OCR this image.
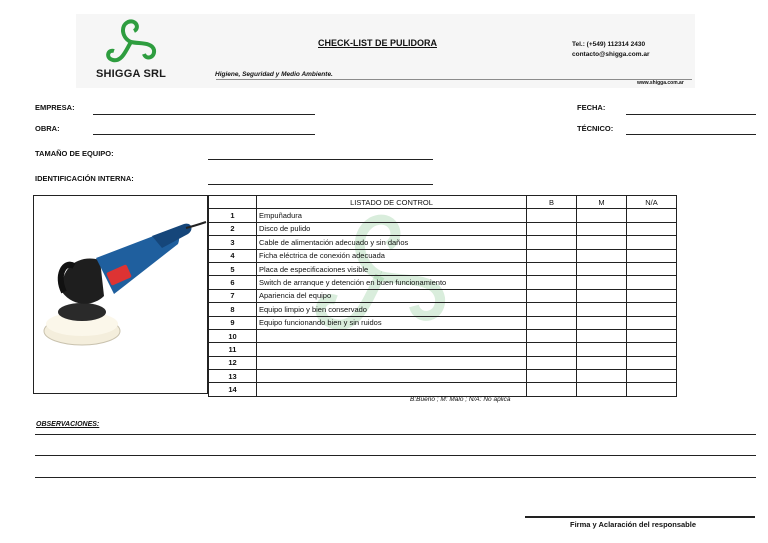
SHIGGA SRL
CHECK-LIST DE PULIDORA
Higiene, Seguridad y Medio Ambiente.
Tel.: (+549) 112314 2430
contacto@shigga.com.ar
www.shigga.com.ar
EMPRESA:
OBRA:
FECHA:
TÉCNICO:
TAMAÑO DE EQUIPO:
IDENTIFICACIÓN INTERNA:
	LISTADO DE CONTROL	B	M	N/A
1	Empuñadura			
2	Disco de pulido			
3	Cable de alimentación adecuado y sin daños			
4	Ficha eléctrica de conexión adecuada			
5	Placa de especificaciones visible			
6	Switch de arranque y detención en buen funcionamiento			
7	Apariencia del equipo			
8	Equipo limpio y bien conservado			
9	Equipo funcionando bien y sin ruidos			
10				
11				
12				
13				
14				
B:Bueno ; M: Malo ; N/A: No aplica
OBSERVACIONES:
Firma y Aclaración del responsable
